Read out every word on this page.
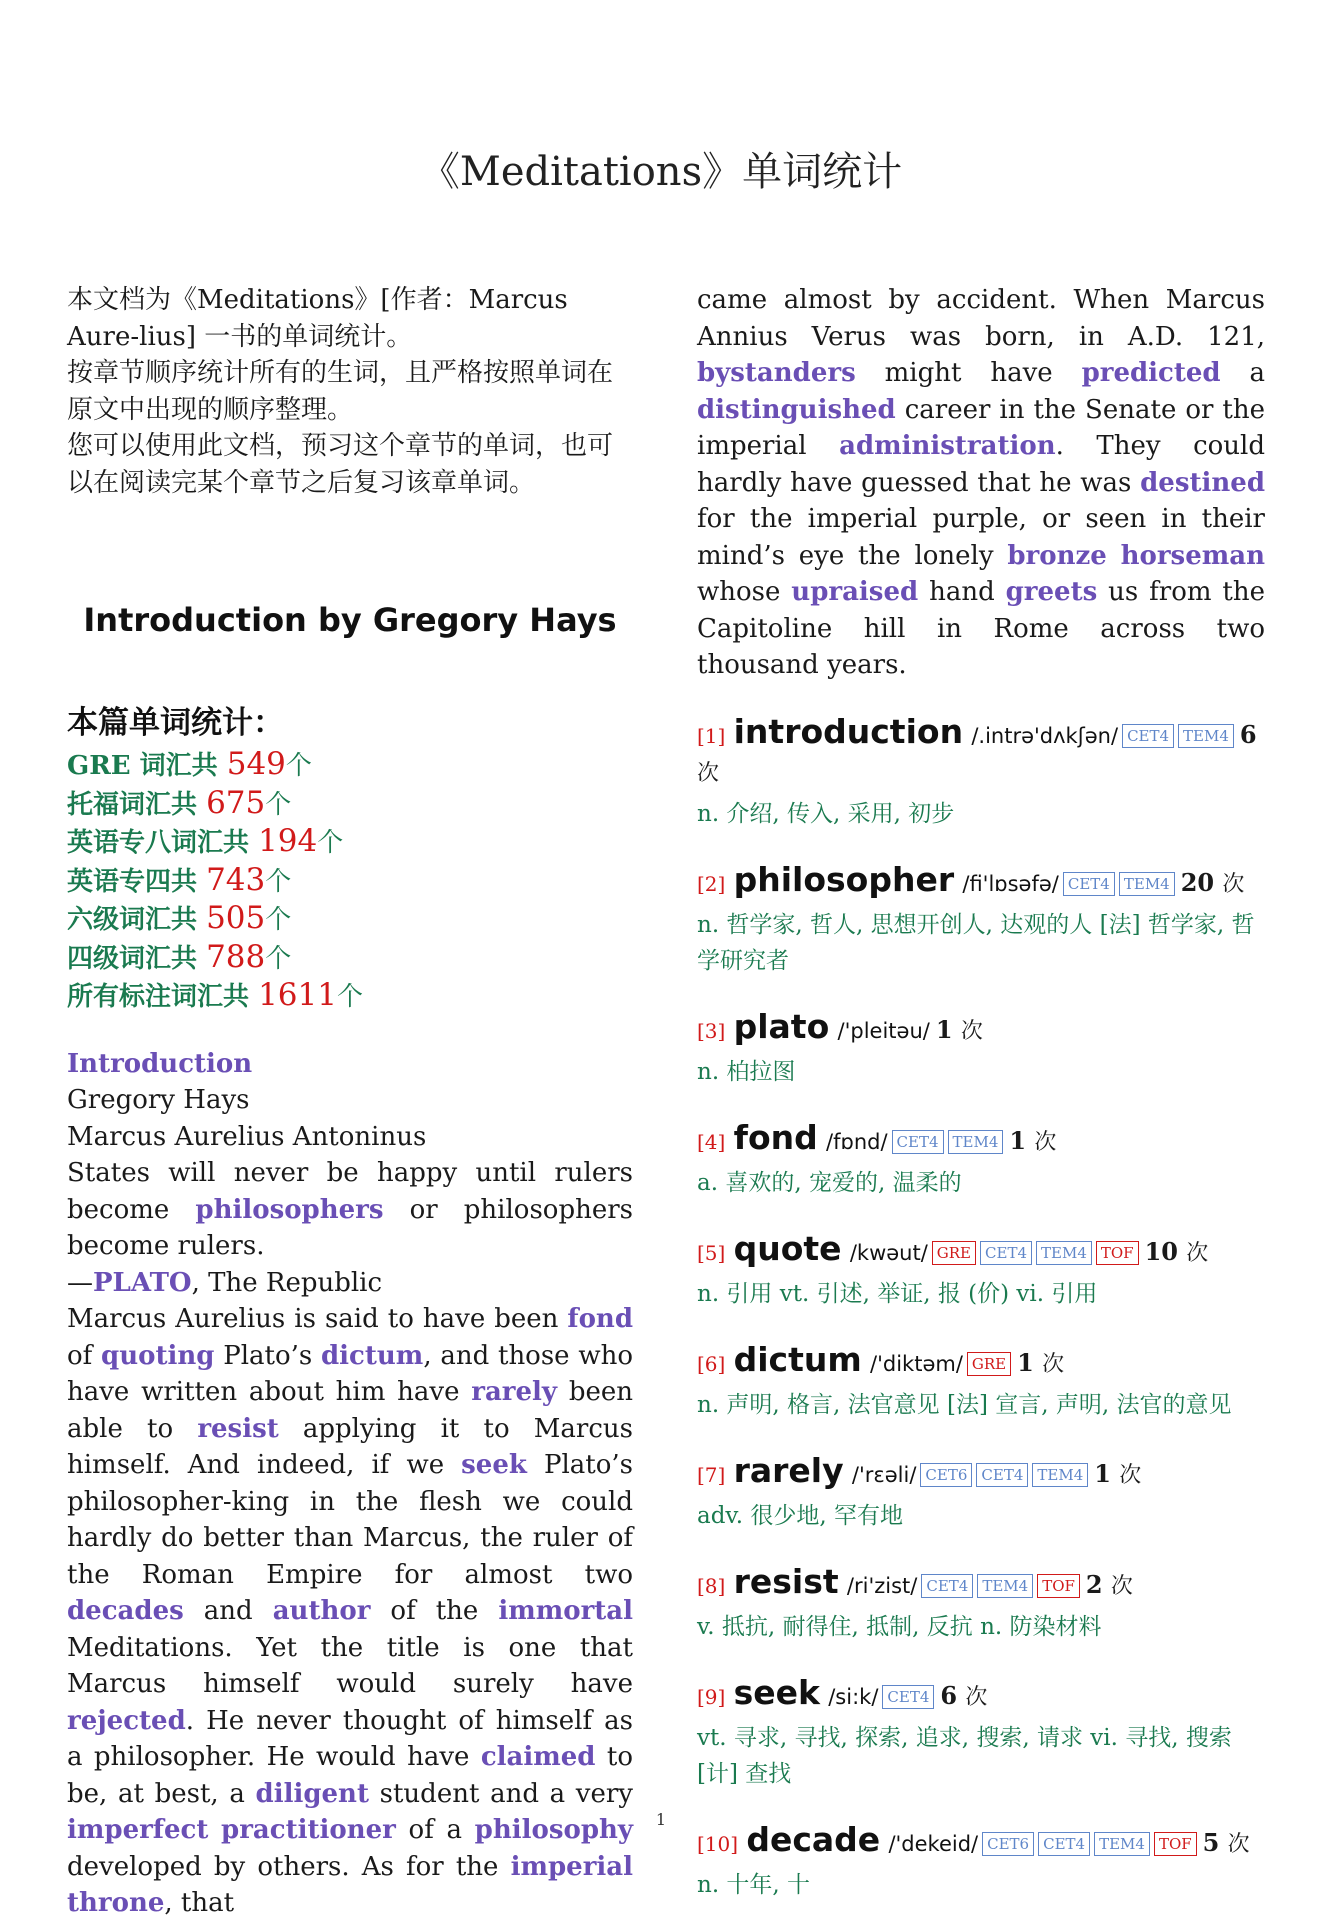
《Meditations》单词统计

本文档为《Meditations》[作者：Marcus Aure-lius] 一书的单词统计。

按章节顺序统计所有的生词，且严格按照单词在原文中出现的顺序整理。

您可以使用此文档，预习这个章节的单词，也可以在阅读完某个章节之后复习该章单词。

Introduction by Gregory Hays
本篇单词统计：
GRE 词汇共 549个
托福词汇共 675个
英语专八词汇共 194个
英语专四共 743个
六级词汇共 505个
四级词汇共 788个
所有标注词汇共 1611个
Introduction
Gregory Hays
Marcus Aurelius Antoninus

States will never be happy until rulers become philosophers or philosophers become rulers.

—PLATO, The Republic

Marcus Aurelius is said to have been fond of quoting Plato’s dictum, and those who have written about him have rarely been able to resist applying it to Marcus himself. And indeed, if we seek Plato’s philosopher-king in the flesh we could hardly do better than Marcus, the ruler of the Roman Empire for almost two decades and author of the immortal Meditations. Yet the title is one that Marcus himself would surely have rejected. He never thought of himself as a philosopher. He would have claimed to be, at best, a diligent student and a very imperfect practitioner of a philosophy developed by others. As for the imperial throne, that

came almost by accident. When Marcus Annius Verus was born, in A.D. 121, bystanders might have predicted a distinguished career in the Senate or the imperial administration. They could hardly have guessed that he was destined for the imperial purple, or seen in their mind’s eye the lonely bronze horseman whose upraised hand greets us from the Capitoline hill in Rome across two thousand years.

[1] introduction /.intrə'dʌkʃən/ CET4 TEM4 6 次
n. 介绍, 传入, 采用, 初步
[2] philosopher /fi'lɒsəfə/ CET4 TEM4 20 次
n. 哲学家, 哲人, 思想开创人, 达观的人 [法] 哲学家, 哲学研究者
[3] plato /'pleitəu/ 1 次
n. 柏拉图
[4] fond /fɒnd/ CET4 TEM4 1 次
a. 喜欢的, 宠爱的, 温柔的
[5] quote /kwəut/ GRE CET4 TEM4 TOF 10 次
n. 引用 vt. 引述, 举证, 报 (价) vi. 引用
[6] dictum /'diktəm/ GRE 1 次
n. 声明, 格言, 法官意见 [法] 宣言, 声明, 法官的意见
[7] rarely /'rɛəli/ CET6 CET4 TEM4 1 次
adv. 很少地, 罕有地
[8] resist /ri'zist/ CET4 TEM4 TOF 2 次
v. 抵抗, 耐得住, 抵制, 反抗 n. 防染材料
[9] seek /si:k/ CET4 6 次
vt. 寻求, 寻找, 探索, 追求, 搜索, 请求 vi. 寻找, 搜索 [计] 查找
[10] decade /'dekeid/ CET6 CET4 TEM4 TOF 5 次
n. 十年, 十
1
